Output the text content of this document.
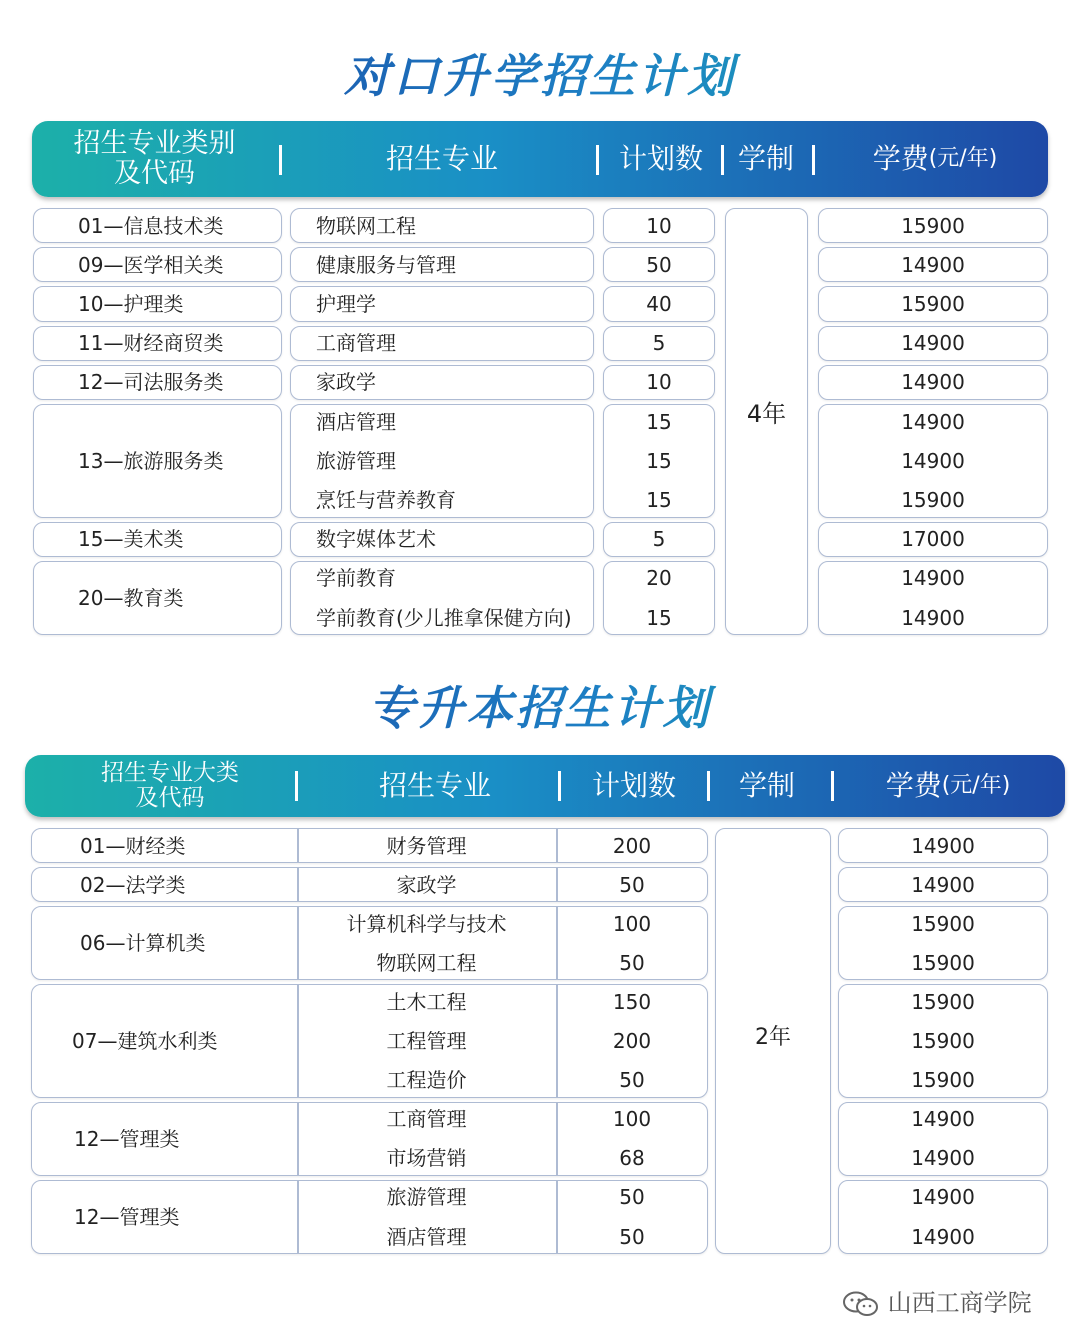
对口升学招生计划
招生专业类别
及代码	招生专业	计划数	学制	学费 (元/年)
01—信息技术类	物联网工程	10	15900
09—医学相关类	健康服务与管理	50	14900
10—护理类	护理学	40	15900
11—财经商贸类	工商管理	5	14900
12—司法服务类	家政学	10	14900
13—旅游服务类
酒店管理	15	14900
旅游管理	15	14900
烹饪与营养教育	15	15900
15—美术类	数字媒体艺术	5	17000
20—教育类
学前教育	20	14900
学前教育(少儿推拿保健方向)	15	14900
4年
专升本招生计划
招生专业大类
及代码	招生专业	计划数	学制	学费 (元/年)
01—财经类	财务管理	200	14900
02—法学类	家政学	50	14900
06—计算机类
计算机科学与技术	100	15900
物联网工程	50	15900
07—建筑水利类
土木工程	150	15900
工程管理	200	15900
工程造价	50	15900
12—管理类
工商管理	100	14900
市场营销	68	14900
12—管理类
旅游管理	50	14900
酒店管理	50	14900
2年
山西工商学院
